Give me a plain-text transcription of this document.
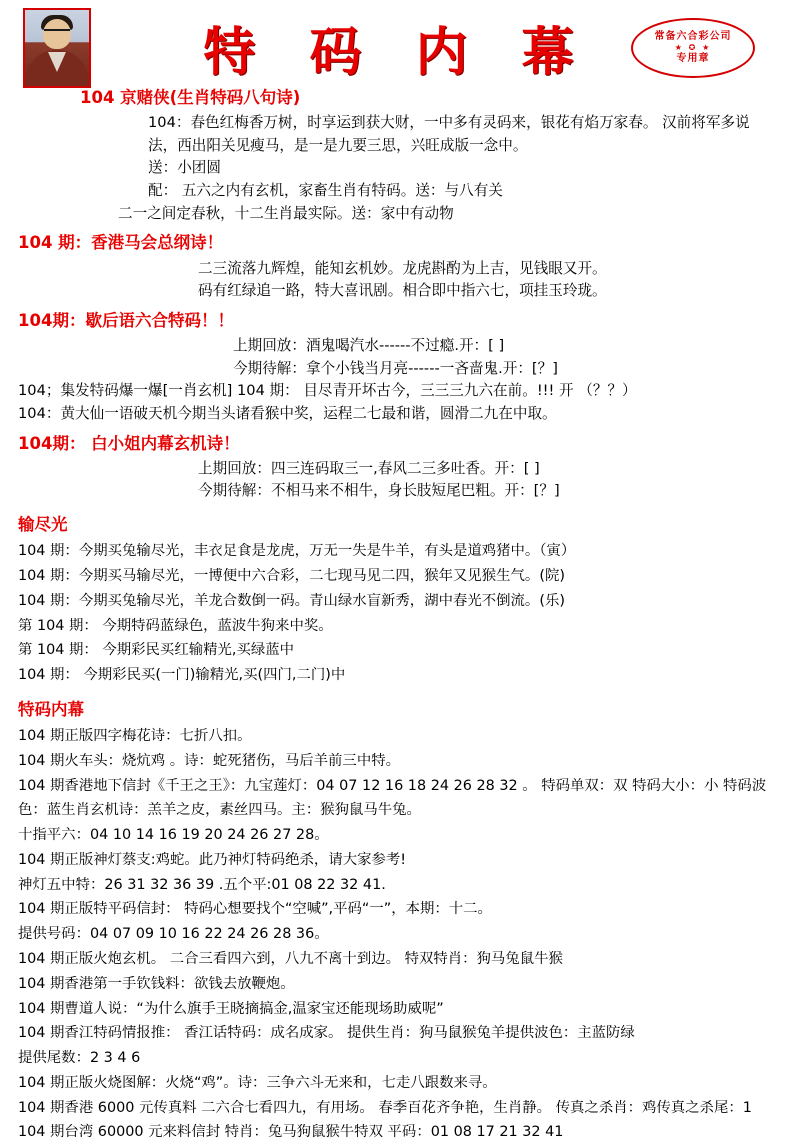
特 码 内 幕	常备六合彩公司
★ ✪ ★
专用章
104 京赌侠(生肖特码八句诗)
104：春色红梅香万树，时享运到获大财，一中多有灵码来，银花有焰万家春。 汉前将军多说法，西出阳关见瘦马，是一是九要三思，兴旺成版一念中。
送：小团圆
配： 五六之内有玄机，家畜生肖有特码。送：与八有关
二一之间定春秋，十二生肖最实际。送：家中有动物
104 期：香港马会总纲诗！
二三流落九辉煌，能知玄机妙。龙虎斟酌为上吉，见钱眼又开。
码有红绿追一路，特大喜讯剧。相合即中指六七，项挂玉玲珑。
104期：歇后语六合特码！！
上期回放：酒鬼喝汽水------不过瘾.开：[ ]
今期待解：拿个小钱当月亮------一吝啬鬼.开：[？]
104；集发特码爆一爆[一肖玄机] 104 期： 目尽青开坏古今，三三三九六在前。!!! 开 （？？）
104：黄大仙一语破天机今期当头诸看猴中奖，运程二七最和谐，圆滑二九在中取。
104期： 白小姐内幕玄机诗！
上期回放：四三连码取三一,春风二三多吐香。开：[ ]
今期待解：不相马来不相牛，身长肢短尾巴粗。开：[？]
输尽光
104 期：今期买兔输尽光，丰衣足食是龙虎，万无一失是牛羊，有头是道鸡猪中。（寅）
104 期：今期买马输尽光，一博便中六合彩，二七现马见二四，猴年又见猴生气。(院)
104 期：今期买兔输尽光，羊龙合数倒一码。青山绿水盲新秀，湖中春光不倒流。(乐)
第 104 期： 今期特码蓝绿色，蓝波牛狗来中奖。
第 104 期： 今期彩民买红输精光,买绿蓝中
104 期： 今期彩民买(一门)输精光,买(四门,二门)中
特码内幕
104 期正版四字梅花诗：七折八扣。
104 期火车头：烧炕鸡 。诗：蛇死猪伤，马后羊前三中特。
104 期香港地下信封《千王之王》：九宝莲灯：04 07 12 16 18 24 26 28 32 。 特码单双：双 特码大小：小 特码波色：蓝生肖玄机诗：羔羊之皮，素丝四马。主：猴狗鼠马牛兔。
十指平六：04 10 14 16 19 20 24 26 27 28。
104 期正版神灯蔡支:鸡蛇。此乃神灯特码绝杀，请大家参考!
神灯五中特：26 31 32 36 39 .五个平:01 08 22 32 41.
104 期正版特平码信封： 特码心想要找个“空喊”,平码“一”，本期：十二。
提供号码：04 07 09 10 16 22 24 26 28 36。
104 期正版火炮玄机。 二合三看四六到，八九不离十到边。 特双特肖：狗马兔鼠牛猴
104 期香港第一手钦钱料：欲钱去放鞭炮。
104 期曹道人说：“为什么旗手王晓摘搞金,温家宝还能现场助威呢”
104 期香江特码情报推： 香江话特码：成名成家。 提供生肖：狗马鼠猴兔羊提供波色：主蓝防绿
提供尾数：2 3 4 6
104 期正版火烧图解：火烧“鸡”。诗：三争六斗无来和，七走八跟数来寻。
104 期香港 6000 元传真料 二六合七看四九，有用场。 春季百花齐争艳，生肖静。 传真之杀肖：鸡传真之杀尾：1
104 期台湾 60000 元来料信封 特肖：兔马狗鼠猴牛特双 平码：01 08 17 21 32 41
